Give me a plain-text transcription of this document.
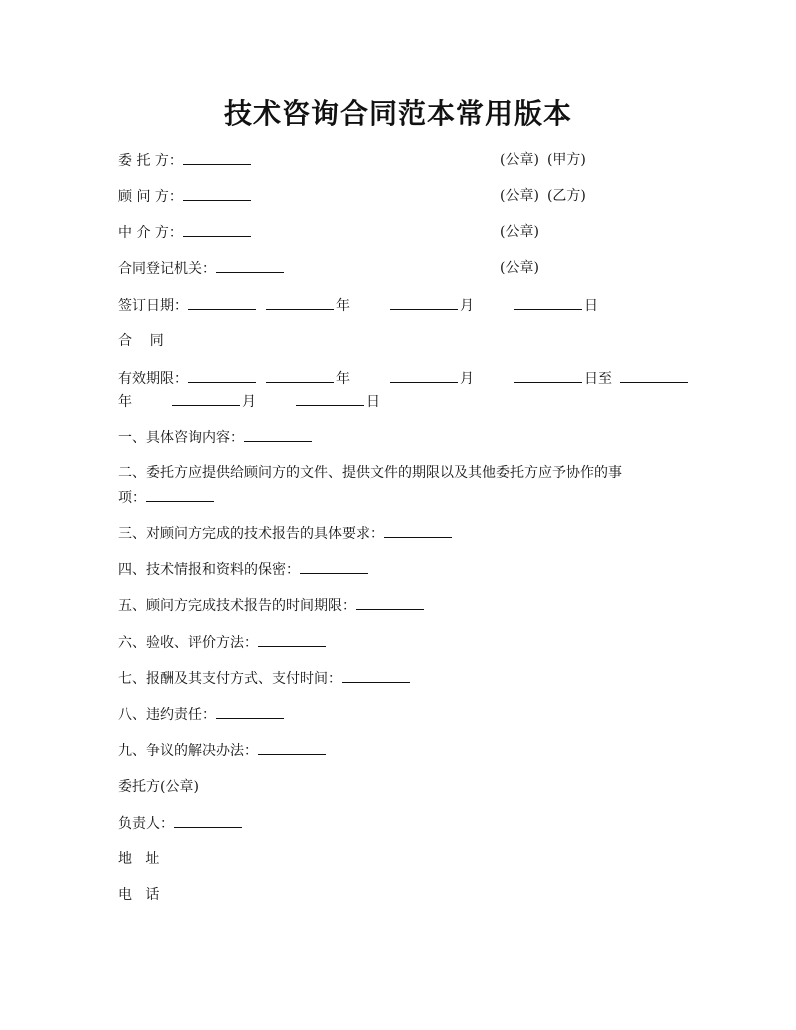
技术咨询合同范本常用版本
委 托 方：	(公章) (甲方)
顾 问 方：	(公章) (乙方)
中 介 方：	(公章)
合同登记机关：	(公章)
签订日期：	年	月	日
合    同
有效期限：	年	月	日至
年	月	日
一、具体咨询内容：
二、委托方应提供给顾问方的文件、提供文件的期限以及其他委托方应予协作的事
项：
三、对顾问方完成的技术报告的具体要求：
四、技术情报和资料的保密：
五、顾问方完成技术报告的时间期限：
六、验收、评价方法：
七、报酬及其支付方式、支付时间：
八、违约责任：
九、争议的解决办法：
委托方(公章)
负责人：
地   址
电   话
